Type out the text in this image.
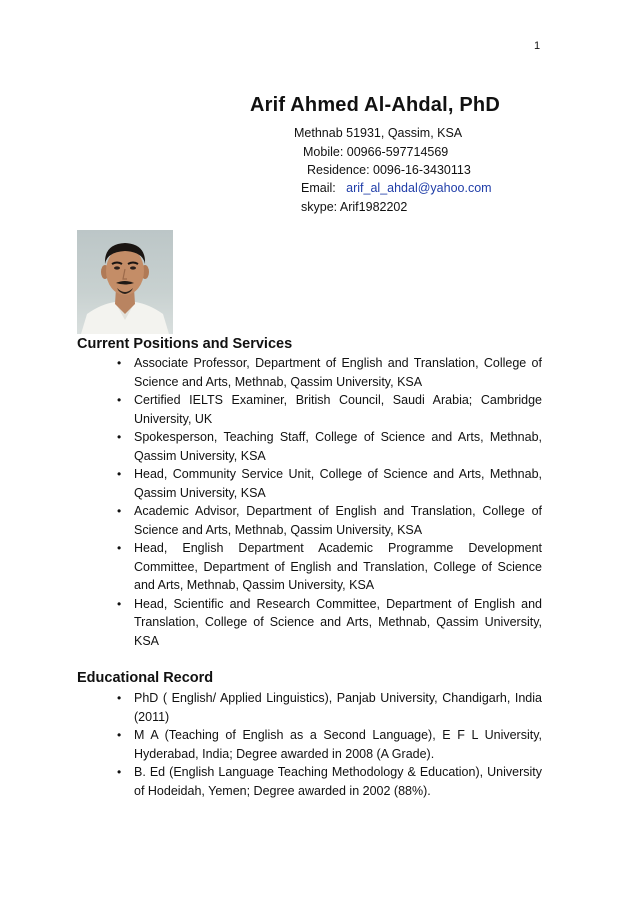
1
Arif Ahmed Al-Ahdal, PhD
Methnab 51931, Qassim, KSA
Mobile: 00966-597714569
Residence: 0096-16-3430113
Email: arif_al_ahdal@yahoo.com
skype: Arif1982202
Current Positions and Services
• Associate Professor, Department of English and Translation, College of Science and Arts, Methnab, Qassim University, KSA
• Certified IELTS Examiner, British Council, Saudi Arabia; Cambridge University, UK
• Spokesperson, Teaching Staff, College of Science and Arts, Methnab, Qassim University, KSA
• Head, Community Service Unit, College of Science and Arts, Methnab, Qassim University, KSA
• Academic Advisor, Department of English and Translation, College of Science and Arts, Methnab, Qassim University, KSA
• Head, English Department Academic Programme Development Committee, Department of English and Translation, College of Science and Arts, Methnab, Qassim University, KSA
• Head, Scientific and Research Committee, Department of English and Translation, College of Science and Arts, Methnab, Qassim University, KSA
Educational Record
• PhD ( English/ Applied Linguistics), Panjab University, Chandigarh, India (2011)
• M A (Teaching of English as a Second Language), E F L University, Hyderabad, India; Degree awarded in 2008 (A Grade).
• B. Ed (English Language Teaching Methodology & Education), University of Hodeidah, Yemen; Degree awarded in 2002 (88%).
